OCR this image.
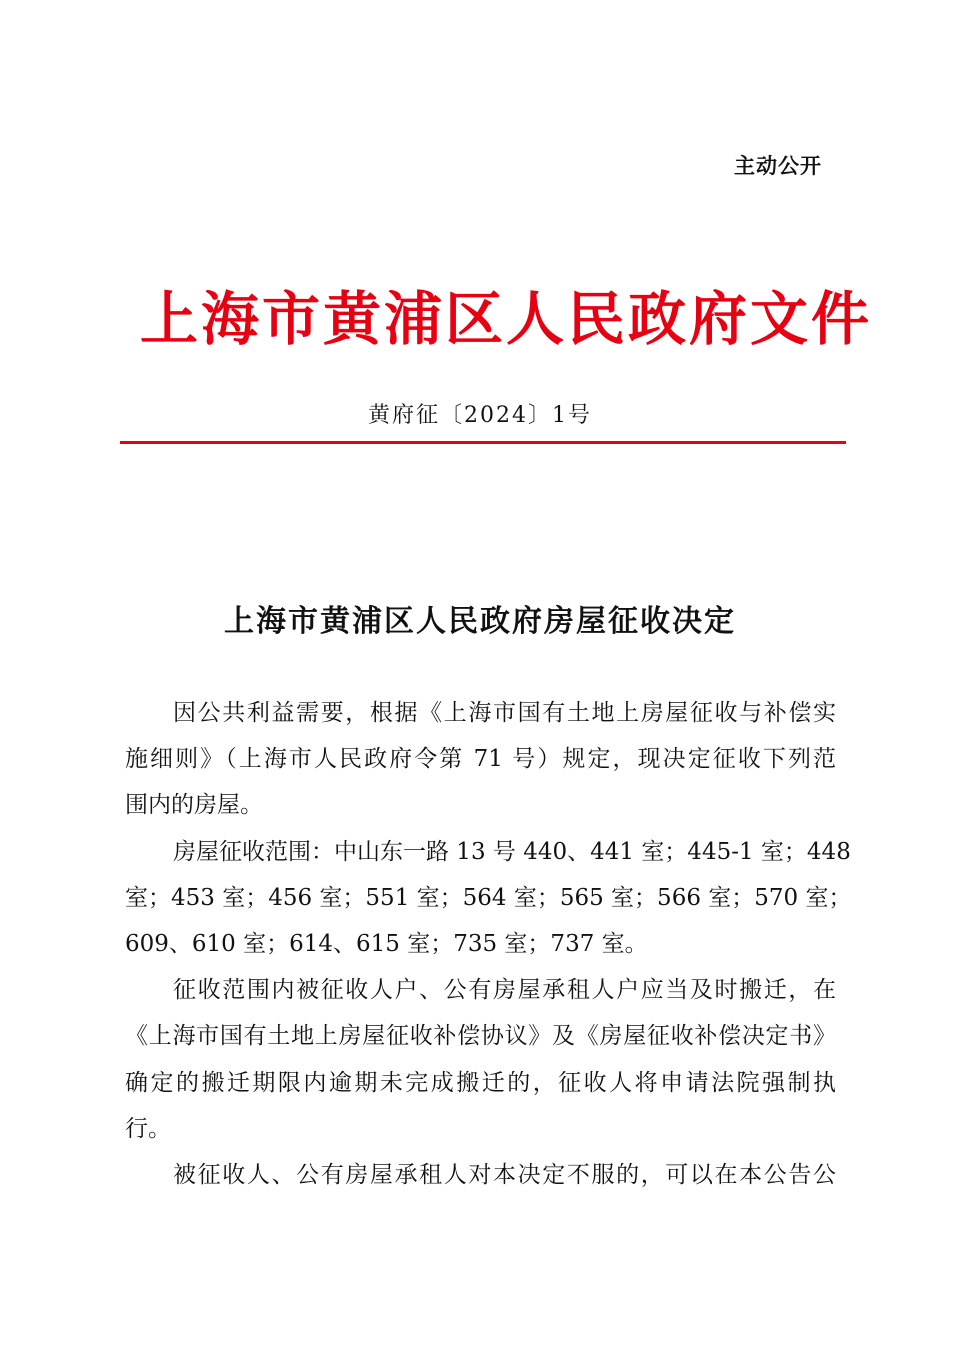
主动公开
上海市黄浦区人民政府文件
黄府征〔2024〕1号
上海市黄浦区人民政府房屋征收决定
因公共利益需要，根据《上海市国有土地上房屋征收与补偿实
施细则》（上海市人民政府令第 71 号）规定，现决定征收下列范
围内的房屋。
房屋征收范围：中山东一路 13 号 440、441 室；445-1 室；448
室；453 室；456 室；551 室；564 室；565 室；566 室；570 室；
609、610 室；614、615 室；735 室；737 室。
征收范围内被征收人户、公有房屋承租人户应当及时搬迁，在
《上海市国有土地上房屋征收补偿协议》及《房屋征收补偿决定书》
确定的搬迁期限内逾期未完成搬迁的，征收人将申请法院强制执
行。
被征收人、公有房屋承租人对本决定不服的，可以在本公告公
